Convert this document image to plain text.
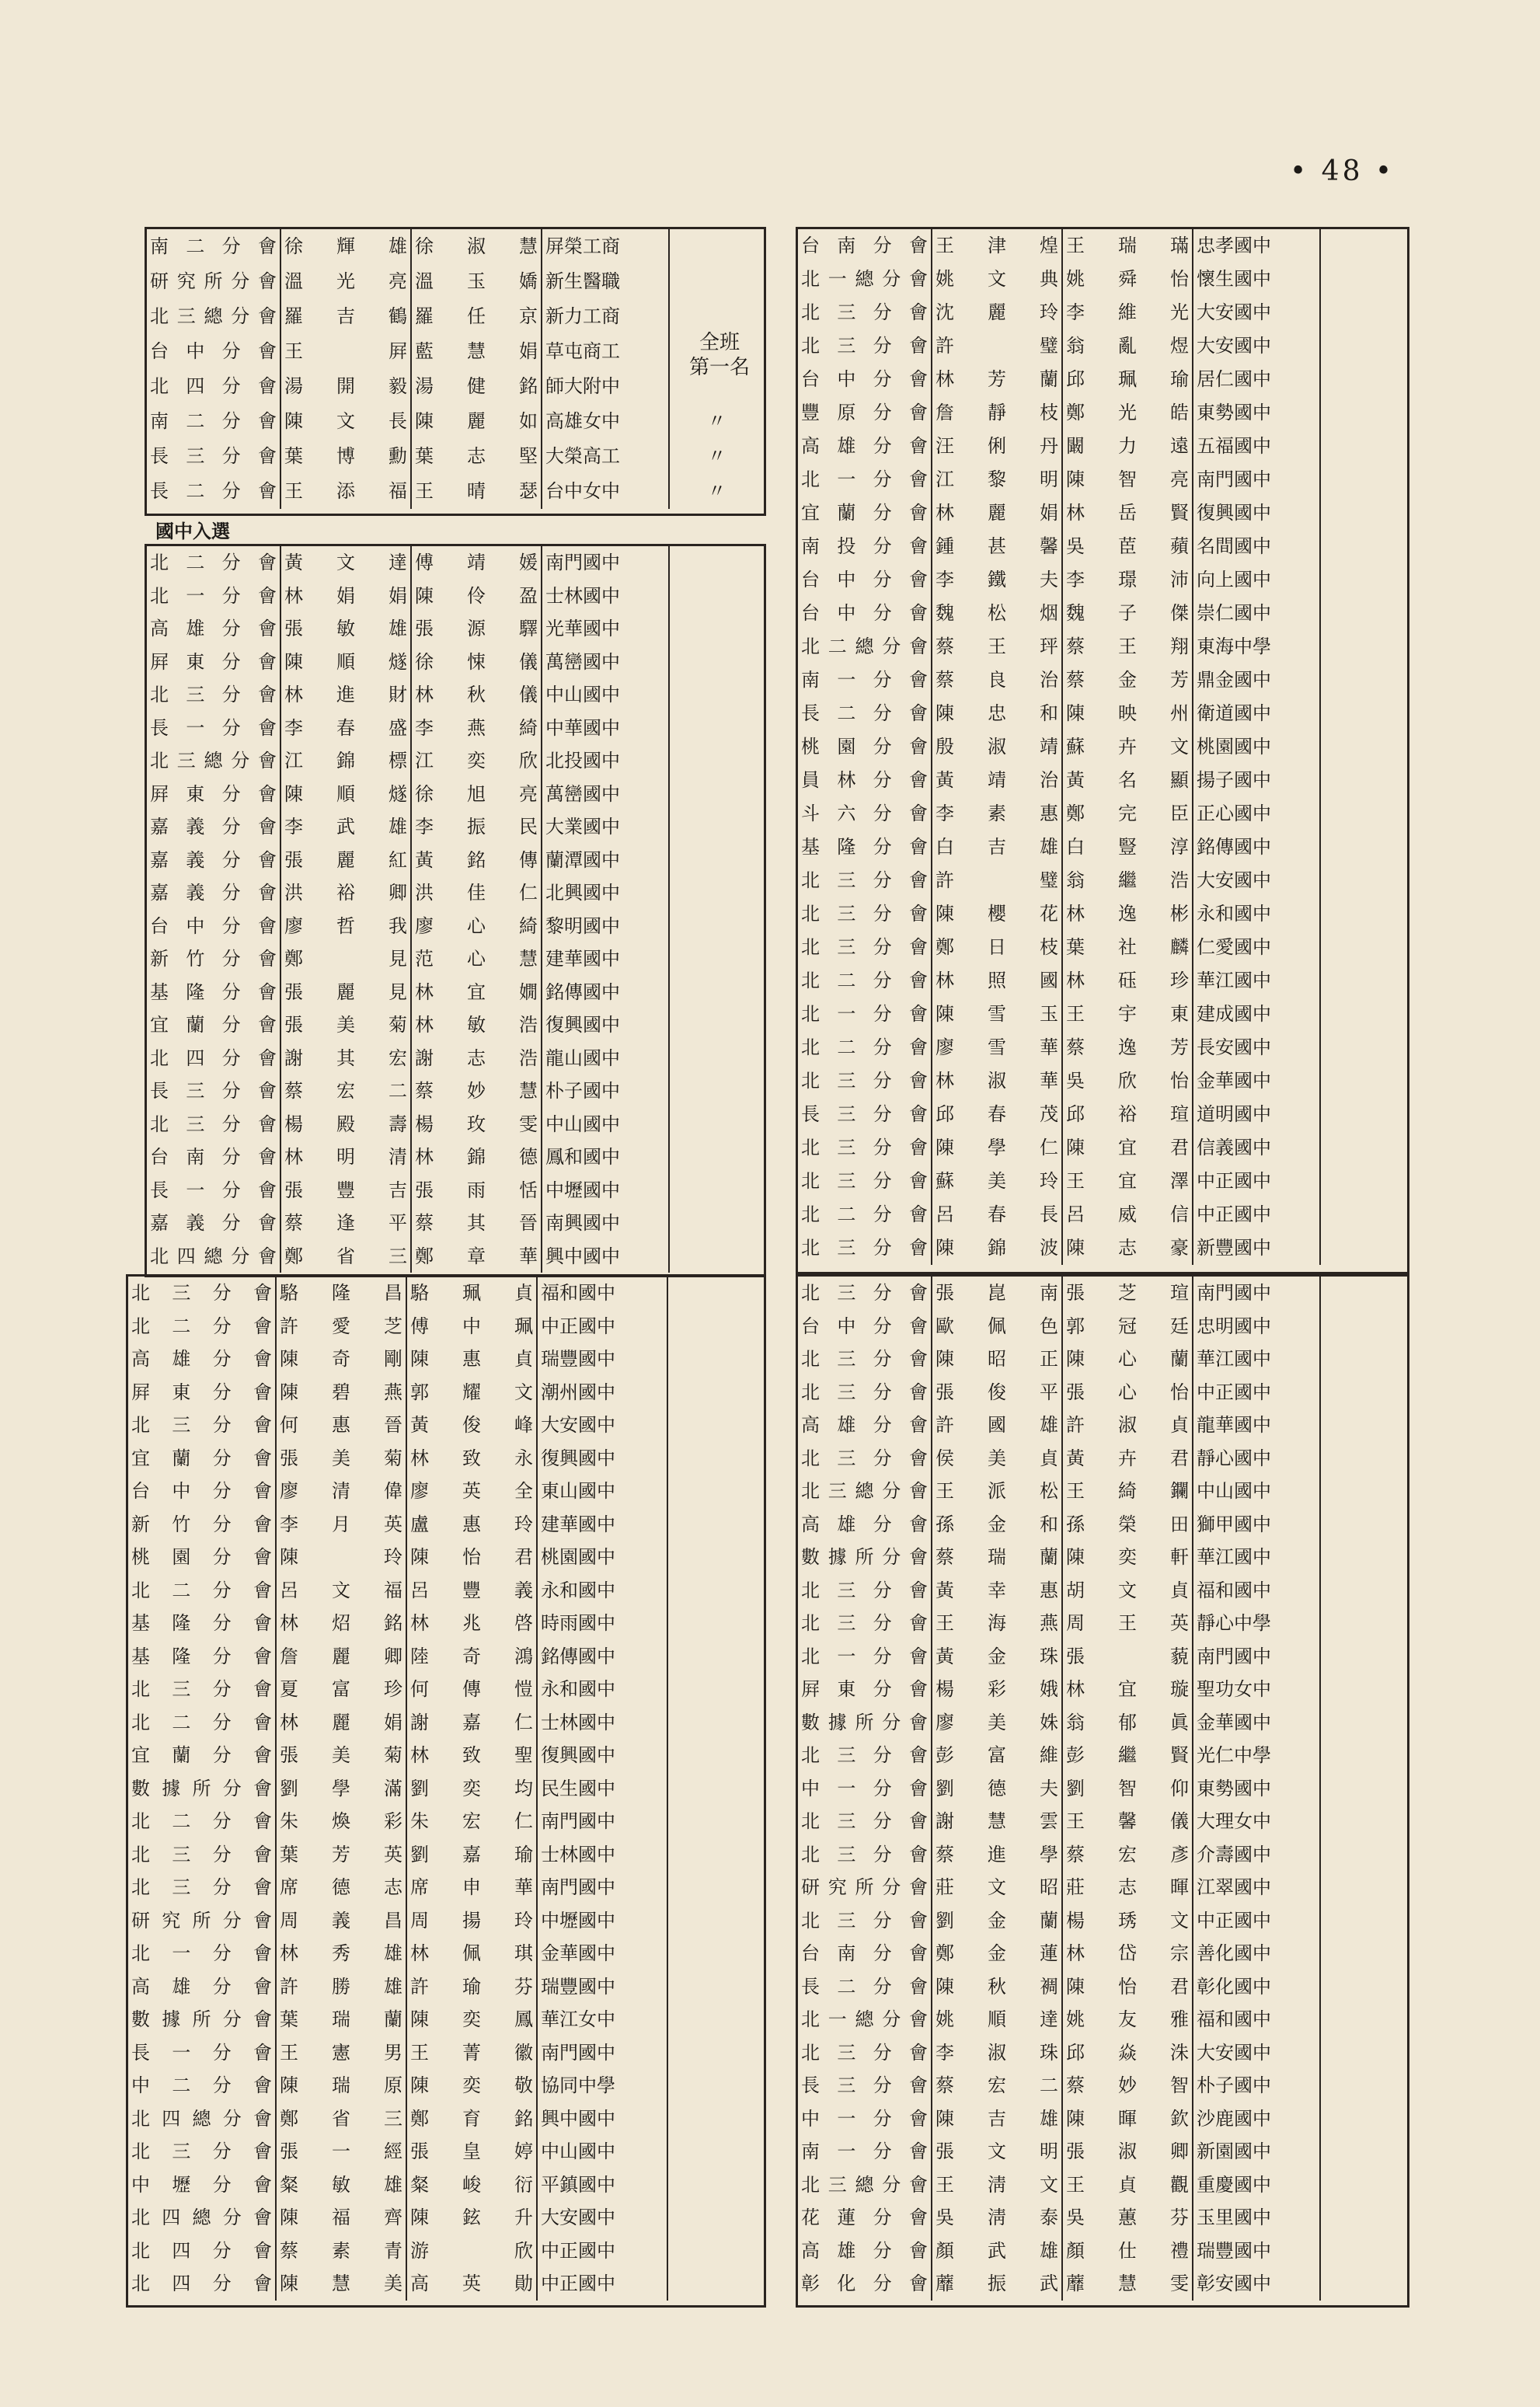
• 48 •
南二分會	徐輝雄	徐淑慧	屏榮工商	
研究所分會	溫光亮	溫玉嬌	新生醫職	
北三總分會	羅吉鶴	羅任京	新力工商	
台中分會	王屛	藍慧娟	草屯商工	
北四分會	湯開毅	湯健銘	師大附中	
南二分會	陳文長	陳麗如	高雄女中	〃
長三分會	葉博勳	葉志堅	大榮高工	〃
長二分會	王添福	王晴瑟	台中女中	〃
全班
第一名
國中入選
北二分會	黃文達	傅靖媛	南門國中	
北一分會	林娟娟	陳伶盈	士林國中	
高雄分會	張敏雄	張源驛	光華國中	
屛東分會	陳順燧	徐悚儀	萬巒國中	
北三分會	林進財	林秋儀	中山國中	
長一分會	李春盛	李燕綺	中華國中	
北三總分會	江錦標	江奕欣	北投國中	
屛東分會	陳順燧	徐旭亮	萬巒國中	
嘉義分會	李武雄	李振民	大業國中	
嘉義分會	張麗紅	黃銘傳	蘭潭國中	
嘉義分會	洪裕卿	洪佳仁	北興國中	
台中分會	廖哲我	廖心綺	黎明國中	
新竹分會	鄭見	范心慧	建華國中	
基隆分會	張麗見	林宜嫺	銘傳國中	
宜蘭分會	張美菊	林敏浩	復興國中	
北四分會	謝其宏	謝志浩	龍山國中	
長三分會	蔡宏二	蔡妙慧	朴子國中	
北三分會	楊殿壽	楊玫雯	中山國中	
台南分會	林明清	林錦德	鳳和國中	
長一分會	張豐吉	張雨恬	中壢國中	
嘉義分會	蔡逢平	蔡其晉	南興國中	
北四總分會	鄭省三	鄭章華	興中國中	
北三分會	駱隆昌	駱珮貞	福和國中	
北二分會	許愛芝	傅中珮	中正國中	
高雄分會	陳奇剛	陳惠貞	瑞豐國中	
屛東分會	陳碧燕	郭耀文	潮州國中	
北三分會	何惠晉	黃俊峰	大安國中	
宜蘭分會	張美菊	林致永	復興國中	
台中分會	廖清偉	廖英全	東山國中	
新竹分會	李月英	盧惠玲	建華國中	
桃園分會	陳玲	陳怡君	桃園國中	
北二分會	呂文福	呂豐義	永和國中	
基隆分會	林炤銘	林兆啓	時雨國中	
基隆分會	詹麗卿	陸奇鴻	銘傳國中	
北三分會	夏富珍	何傳愷	永和國中	
北二分會	林麗娟	謝嘉仁	士林國中	
宜蘭分會	張美菊	林致聖	復興國中	
數據所分會	劉學滿	劉奕均	民生國中	
北二分會	朱煥彩	朱宏仁	南門國中	
北三分會	葉芳英	劉嘉瑜	士林國中	
北三分會	席德志	席申華	南門國中	
研究所分會	周義昌	周揚玲	中壢國中	
北一分會	林秀雄	林佩琪	金華國中	
高雄分會	許勝雄	許瑜芬	瑞豐國中	
數據所分會	葉瑞蘭	陳奕鳳	華江女中	
長一分會	王憲男	王菁徽	南門國中	
中二分會	陳瑞原	陳奕敬	協同中學	
北四總分會	鄭省三	鄭育銘	興中國中	
北三分會	張一經	張皇婷	中山國中	
中壢分會	粲敏雄	粲峻衍	平鎮國中	
北四總分會	陳福齊	陳鉉升	大安國中	
北四分會	蔡素青	游欣	中正國中	
北四分會	陳慧美	高英勛	中正國中	
台南分會	王津煌	王瑞璊	忠孝國中	
北一總分會	姚文典	姚舜怡	懷生國中	
北三分會	沈麗玲	李維光	大安國中	
北三分會	許璧	翁亂煜	大安國中	
台中分會	林芳蘭	邱珮瑜	居仁國中	
豐原分會	詹靜枝	鄭光皓	東勢國中	
高雄分會	汪俐丹	闞力遠	五福國中	
北一分會	江黎明	陳智亮	南門國中	
宜蘭分會	林麗娟	林岳賢	復興國中	
南投分會	鍾甚馨	吳茞蘋	名間國中	
台中分會	李鐵夫	李璟沛	向上國中	
台中分會	魏松烟	魏子傑	崇仁國中	
北二總分會	蔡王玶	蔡王翔	東海中學	
南一分會	蔡良治	蔡金芳	鼎金國中	
長二分會	陳忠和	陳映州	衛道國中	
桃園分會	殷淑靖	蘇卉文	桃園國中	
員林分會	黃靖治	黃名顯	揚子國中	
斗六分會	李素惠	鄭完臣	正心國中	
基隆分會	白吉雄	白豎淳	銘傳國中	
北三分會	許璧	翁繼浩	大安國中	
北三分會	陳櫻花	林逸彬	永和國中	
北三分會	鄭日枝	葉社麟	仁愛國中	
北二分會	林照國	林砡珍	華江國中	
北一分會	陳雪玉	王宇東	建成國中	
北二分會	廖雪華	蔡逸芳	長安國中	
北三分會	林淑華	吳欣怡	金華國中	
長三分會	邱春茂	邱裕瑄	道明國中	
北三分會	陳學仁	陳宜君	信義國中	
北三分會	蘇美玲	王宜澤	中正國中	
北二分會	呂春長	呂威信	中正國中	
北三分會	陳錦波	陳志豪	新豐國中	
北三分會	張崑南	張芝瑄	南門國中	
台中分會	歐佩色	郭冠廷	忠明國中	
北三分會	陳昭正	陳心蘭	華江國中	
北三分會	張俊平	張心怡	中正國中	
高雄分會	許國雄	許淑貞	龍華國中	
北三分會	侯美貞	黃卉君	靜心國中	
北三總分會	王派松	王綺鑭	中山國中	
高雄分會	孫金和	孫榮田	獅甲國中	
數據所分會	蔡瑞蘭	陳奕軒	華江國中	
北三分會	黃幸惠	胡文貞	福和國中	
北三分會	王海燕	周王英	靜心中學	
北一分會	黃金珠	張藐	南門國中	
屛東分會	楊彩娥	林宜璇	聖功女中	
數據所分會	廖美姝	翁郁眞	金華國中	
北三分會	彭富維	彭繼賢	光仁中學	
中一分會	劉德夫	劉智仰	東勢國中	
北三分會	謝慧雲	王馨儀	大理女中	
北三分會	蔡進學	蔡宏彥	介壽國中	
研究所分會	莊文昭	莊志暉	江翠國中	
北三分會	劉金蘭	楊琇文	中正國中	
台南分會	鄭金蓮	林岱宗	善化國中	
長二分會	陳秋裯	陳怡君	彰化國中	
北一總分會	姚順達	姚友雅	福和國中	
北三分會	李淑珠	邱焱洙	大安國中	
長三分會	蔡宏二	蔡妙智	朴子國中	
中一分會	陳吉雄	陳暉欽	沙鹿國中	
南一分會	張文明	張淑卿	新園國中	
北三總分會	王淸文	王貞觀	重慶國中	
花蓮分會	吳淸泰	吳蕙芬	玉里國中	
高雄分會	顏武雄	顏仕禮	瑞豐國中	
彰化分會	蘼振武	蘼慧雯	彰安國中	
